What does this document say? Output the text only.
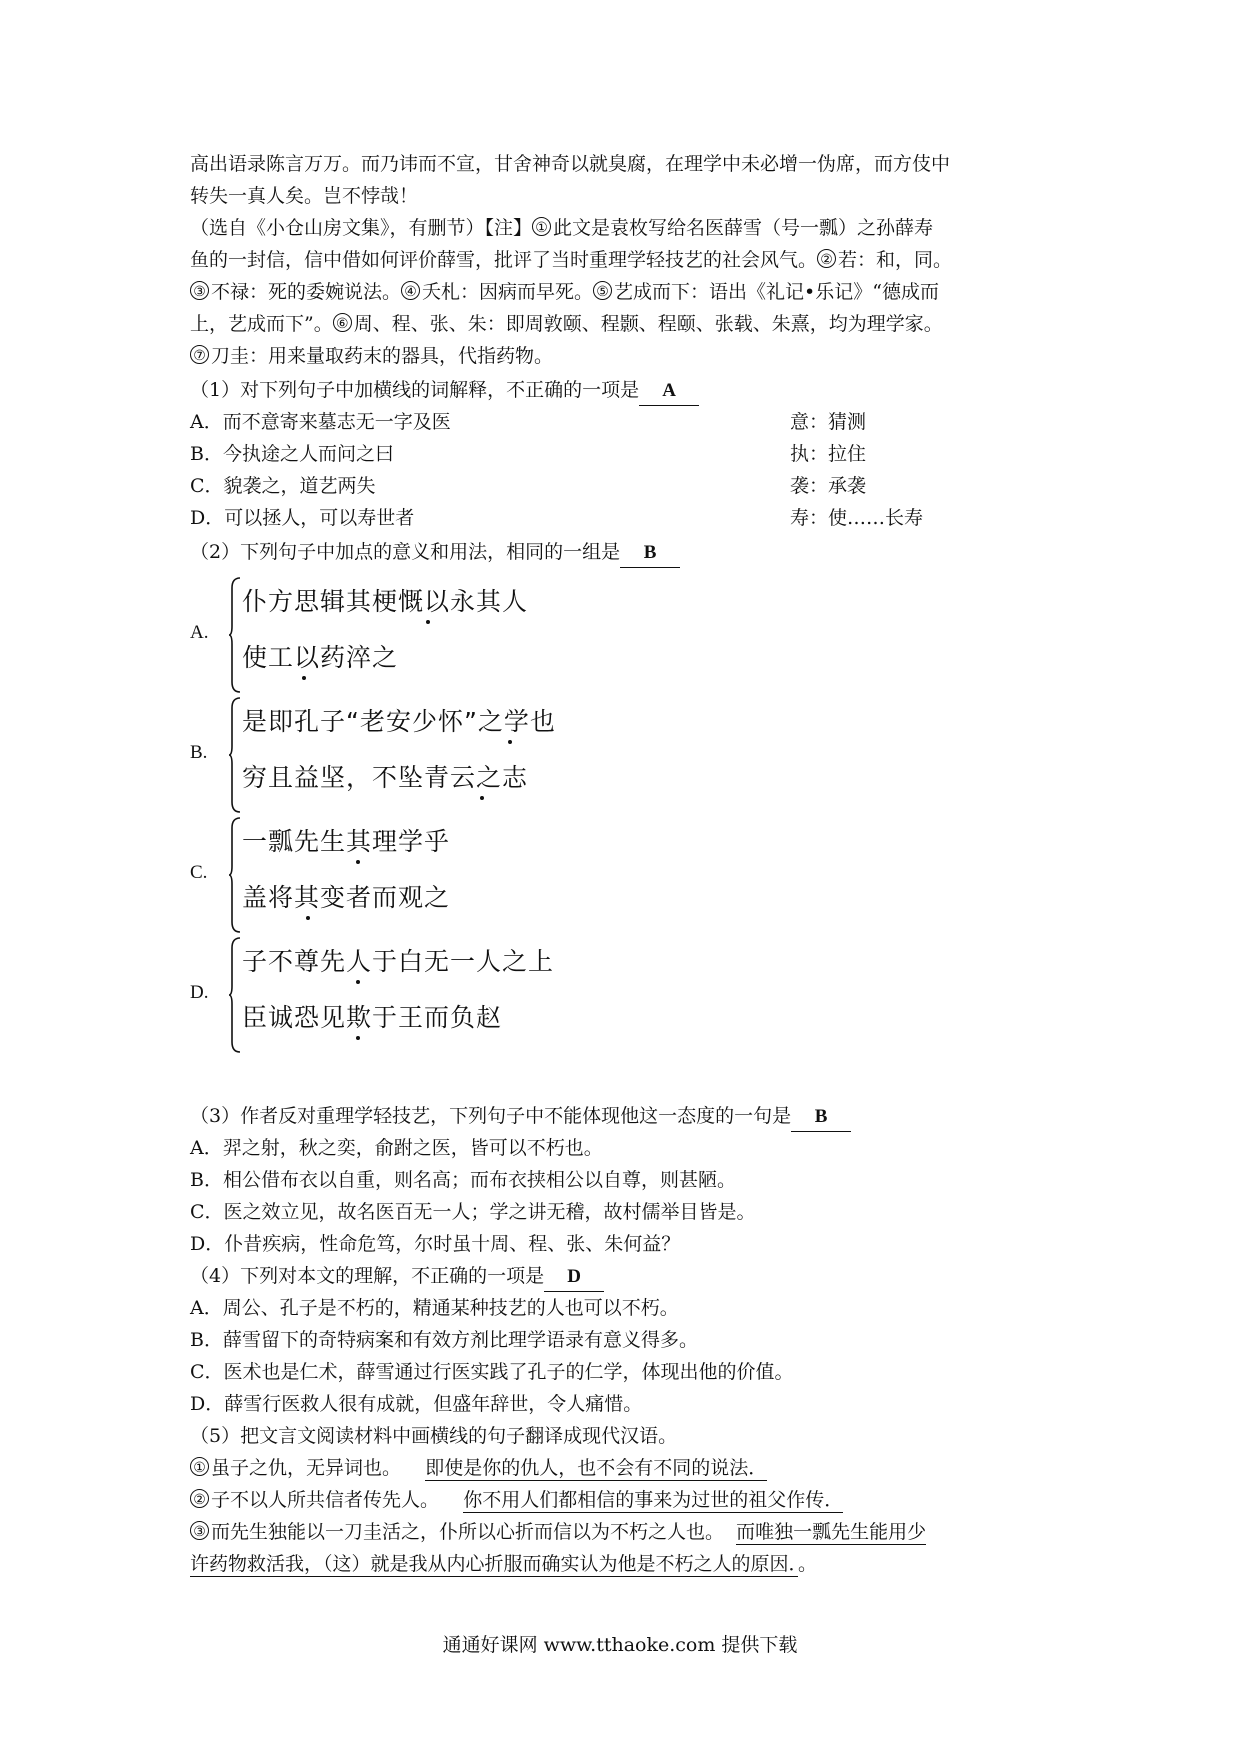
高出语录陈言万万。而乃讳而不宣，甘舍神奇以就臭腐，在理学中未必增一伪席，而方伎中
转失一真人矣。岂不悖哉！
（选自《小仓山房文集》，有删节）【注】 ① 此文是袁枚写给名医薛雪（号一瓢）之孙薛寿
鱼的一封信，信中借如何评价薛雪，批评了当时重理学轻技艺的社会风气。 ② 若：和，同。
③ 不禄：死的委婉说法。 ④ 夭札：因病而早死。 ⑤ 艺成而下：语出《礼记•乐记》“德成而
上，艺成而下”。 ⑥ 周、程、张、朱：即周敦颐、程颢、程颐、张载、朱熹，均为理学家。
⑦ 刀圭：用来量取药末的器具，代指药物。
（1）对下列句子中加横线的词解释，不正确的一项是 A
A．而不意寄来墓志无一字及医	意：猜测
B．今执途之人而问之曰	执：拉住
C．貌袭之，道艺两失	袭：承袭
D．可以拯人，可以寿世者	寿：使……长寿
（2）下列句子中加点的意义和用法，相同的一组是 B
A.
仆方思辑其梗慨以永其人
使工以药淬之
B.
是即孔子“老安少怀”之学也
穷且益坚，不坠青云之志
C.
一瓢先生其理学乎
盖将其变者而观之
D.
子不尊先人于白无一人之上
臣诚恐见欺于王而负赵
（3）作者反对重理学轻技艺，下列句子中不能体现他这一态度的一句是 B
A．羿之射，秋之奕，俞跗之医，皆可以不朽也。
B．相公借布衣以自重，则名高；而布衣挟相公以自尊，则甚陋。
C．医之效立见，故名医百无一人；学之讲无稽，故村儒举目皆是。
D．仆昔疾病，性命危笃，尔时虽十周、程、张、朱何益？
（4）下列对本文的理解，不正确的一项是 D
A．周公、孔子是不朽的，精通某种技艺的人也可以不朽。
B．薛雪留下的奇特病案和有效方剂比理学语录有意义得多。
C．医术也是仁术，薛雪通过行医实践了孔子的仁学，体现出他的价值。
D．薛雪行医救人很有成就，但盛年辞世，令人痛惜。
（5）把文言文阅读材料中画横线的句子翻译成现代汉语。
① 虽子之仇，无异词也。 即使是你的仇人，也不会有不同的说法．
② 子不以人所共信者传先人。 你不用人们都相信的事来为过世的祖父作传．
③ 而先生独能以一刀圭活之，仆所以心折而信以为不朽之人也。 而唯独一瓢先生能用少
许药物救活我，（这）就是我从内心折服而确实认为他是不朽之人的原因．。
通通好课网 www.tthaoke.com 提供下载
